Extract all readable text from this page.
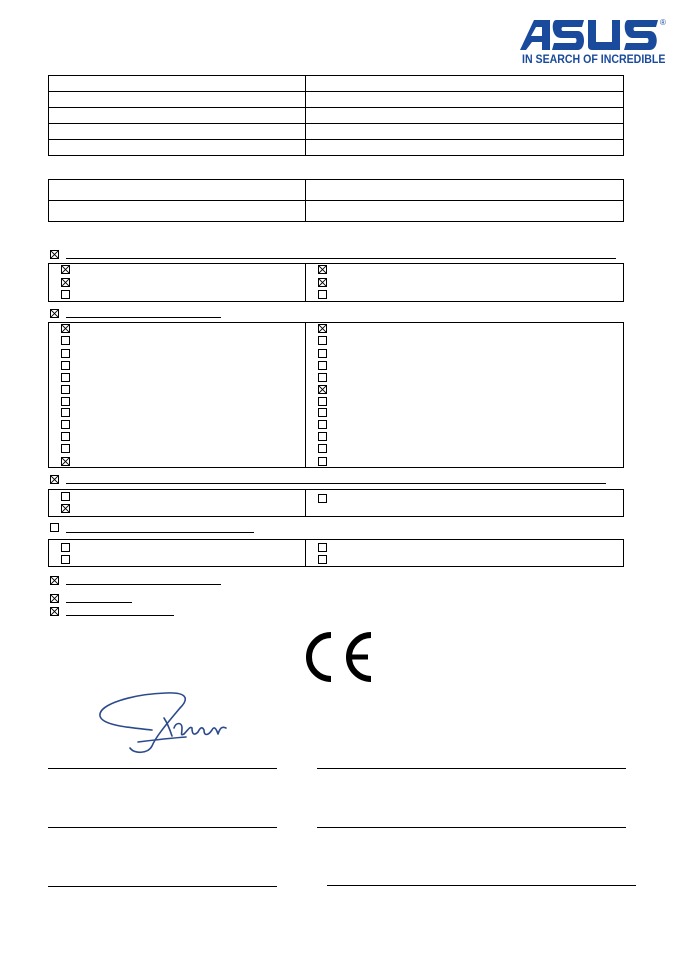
®
IN SEARCH OF INCREDIBLE
